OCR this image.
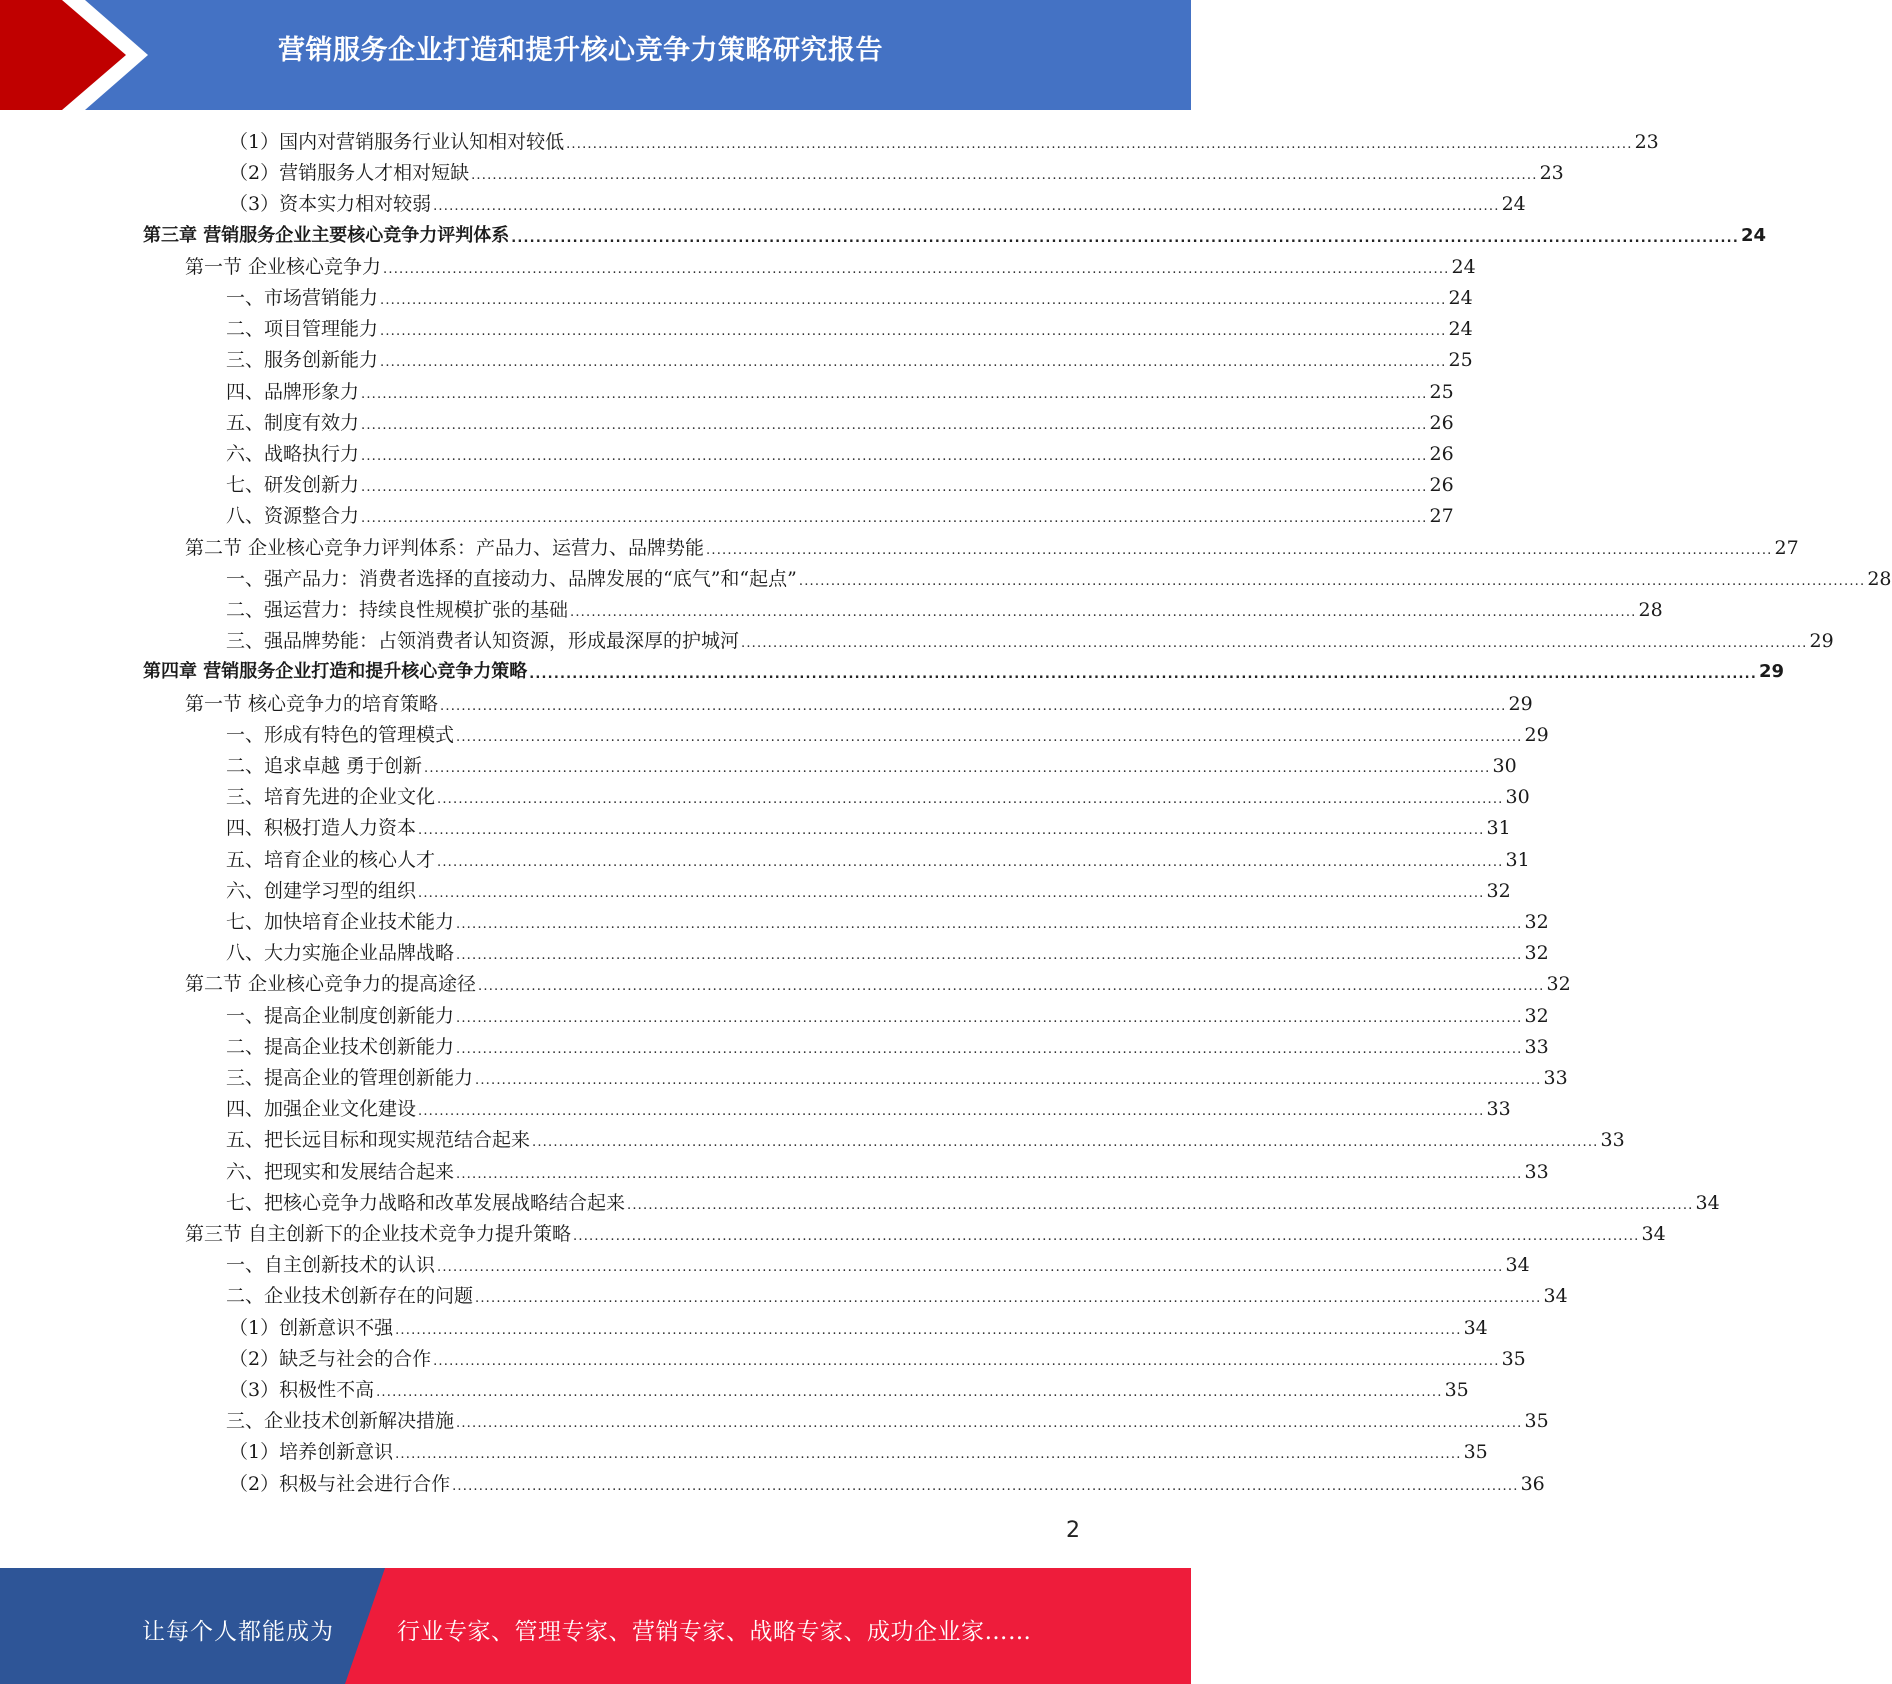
营销服务企业打造和提升核心竞争力策略研究报告
（1）国内对营销服务行业认知相对较低 ........................................................................................................................................................................................................ 23
（2）营销服务人才相对短缺 ........................................................................................................................................................................................................ 23
（3）资本实力相对较弱 ........................................................................................................................................................................................................ 24
第三章 营销服务企业主要核心竞争力评判体系 ........................................................................................................................................................................................................ 24
第一节 企业核心竞争力 ........................................................................................................................................................................................................ 24
一、市场营销能力 ........................................................................................................................................................................................................ 24
二、项目管理能力 ........................................................................................................................................................................................................ 24
三、服务创新能力 ........................................................................................................................................................................................................ 25
四、品牌形象力 ........................................................................................................................................................................................................ 25
五、制度有效力 ........................................................................................................................................................................................................ 26
六、战略执行力 ........................................................................................................................................................................................................ 26
七、研发创新力 ........................................................................................................................................................................................................ 26
八、资源整合力 ........................................................................................................................................................................................................ 27
第二节 企业核心竞争力评判体系：产品力、运营力、品牌势能 ........................................................................................................................................................................................................ 27
一、强产品力：消费者选择的直接动力、品牌发展的“底气”和“起点” ........................................................................................................................................................................................................ 28
二、强运营力：持续良性规模扩张的基础 ........................................................................................................................................................................................................ 28
三、强品牌势能：占领消费者认知资源，形成最深厚的护城河 ........................................................................................................................................................................................................ 29
第四章 营销服务企业打造和提升核心竞争力策略 ........................................................................................................................................................................................................ 29
第一节 核心竞争力的培育策略 ........................................................................................................................................................................................................ 29
一、形成有特色的管理模式 ........................................................................................................................................................................................................ 29
二、追求卓越 勇于创新 ........................................................................................................................................................................................................ 30
三、培育先进的企业文化 ........................................................................................................................................................................................................ 30
四、积极打造人力资本 ........................................................................................................................................................................................................ 31
五、培育企业的核心人才 ........................................................................................................................................................................................................ 31
六、创建学习型的组织 ........................................................................................................................................................................................................ 32
七、加快培育企业技术能力 ........................................................................................................................................................................................................ 32
八、大力实施企业品牌战略 ........................................................................................................................................................................................................ 32
第二节 企业核心竞争力的提高途径 ........................................................................................................................................................................................................ 32
一、提高企业制度创新能力 ........................................................................................................................................................................................................ 32
二、提高企业技术创新能力 ........................................................................................................................................................................................................ 33
三、提高企业的管理创新能力 ........................................................................................................................................................................................................ 33
四、加强企业文化建设 ........................................................................................................................................................................................................ 33
五、把长远目标和现实规范结合起来 ........................................................................................................................................................................................................ 33
六、把现实和发展结合起来 ........................................................................................................................................................................................................ 33
七、把核心竞争力战略和改革发展战略结合起来 ........................................................................................................................................................................................................ 34
第三节 自主创新下的企业技术竞争力提升策略 ........................................................................................................................................................................................................ 34
一、自主创新技术的认识 ........................................................................................................................................................................................................ 34
二、企业技术创新存在的问题 ........................................................................................................................................................................................................ 34
（1）创新意识不强 ........................................................................................................................................................................................................ 34
（2）缺乏与社会的合作 ........................................................................................................................................................................................................ 35
（3）积极性不高 ........................................................................................................................................................................................................ 35
三、企业技术创新解决措施 ........................................................................................................................................................................................................ 35
（1）培养创新意识 ........................................................................................................................................................................................................ 35
（2）积极与社会进行合作 ........................................................................................................................................................................................................ 36
2
让每个人都能成为	行业专家、管理专家、营销专家、战略专家、成功企业家……
